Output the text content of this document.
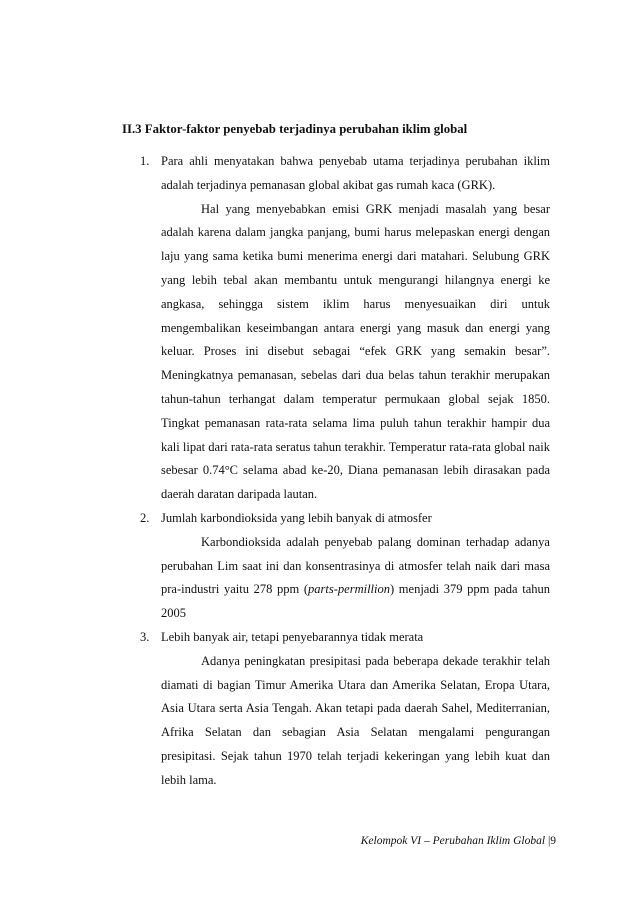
II.3 Faktor-faktor penyebab terjadinya perubahan iklim global
1. Para ahli menyatakan bahwa penyebab utama terjadinya perubahan iklim adalah terjadinya pemanasan global akibat gas rumah kaca (GRK).

Hal yang menyebabkan emisi GRK menjadi masalah yang besar adalah karena dalam jangka panjang, bumi harus melepaskan energi dengan laju yang sama ketika bumi menerima energi dari matahari. Selubung GRK yang lebih tebal akan membantu untuk mengurangi hilangnya energi ke angkasa, sehingga sistem iklim harus menyesuaikan diri untuk mengembalikan keseimbangan antara energi yang masuk dan energi yang keluar. Proses ini disebut sebagai “efek GRK yang semakin besar”. Meningkatnya pemanasan, sebelas dari dua belas tahun terakhir merupakan tahun-tahun terhangat dalam temperatur permukaan global sejak 1850. Tingkat pemanasan rata-rata selama lima puluh tahun terakhir hampir dua kali lipat dari rata-rata seratus tahun terakhir. Temperatur rata-rata global naik sebesar 0.74°C selama abad ke-20, Diana pemanasan lebih dirasakan pada daerah daratan daripada lautan.

2. Jumlah karbondioksida yang lebih banyak di atmosfer

Karbondioksida adalah penyebab palang dominan terhadap adanya perubahan Lim saat ini dan konsentrasinya di atmosfer telah naik dari masa pra-industri yaitu 278 ppm (parts-permillion) menjadi 379 ppm pada tahun 2005

3. Lebih banyak air, tetapi penyebarannya tidak merata

Adanya peningkatan presipitasi pada beberapa dekade terakhir telah diamati di bagian Timur Amerika Utara dan Amerika Selatan, Eropa Utara, Asia Utara serta Asia Tengah. Akan tetapi pada daerah Sahel, Mediterranian, Afrika Selatan dan sebagian Asia Selatan mengalami pengurangan presipitasi. Sejak tahun 1970 telah terjadi kekeringan yang lebih kuat dan lebih lama.

Kelompok VI – Perubahan Iklim Global |9
